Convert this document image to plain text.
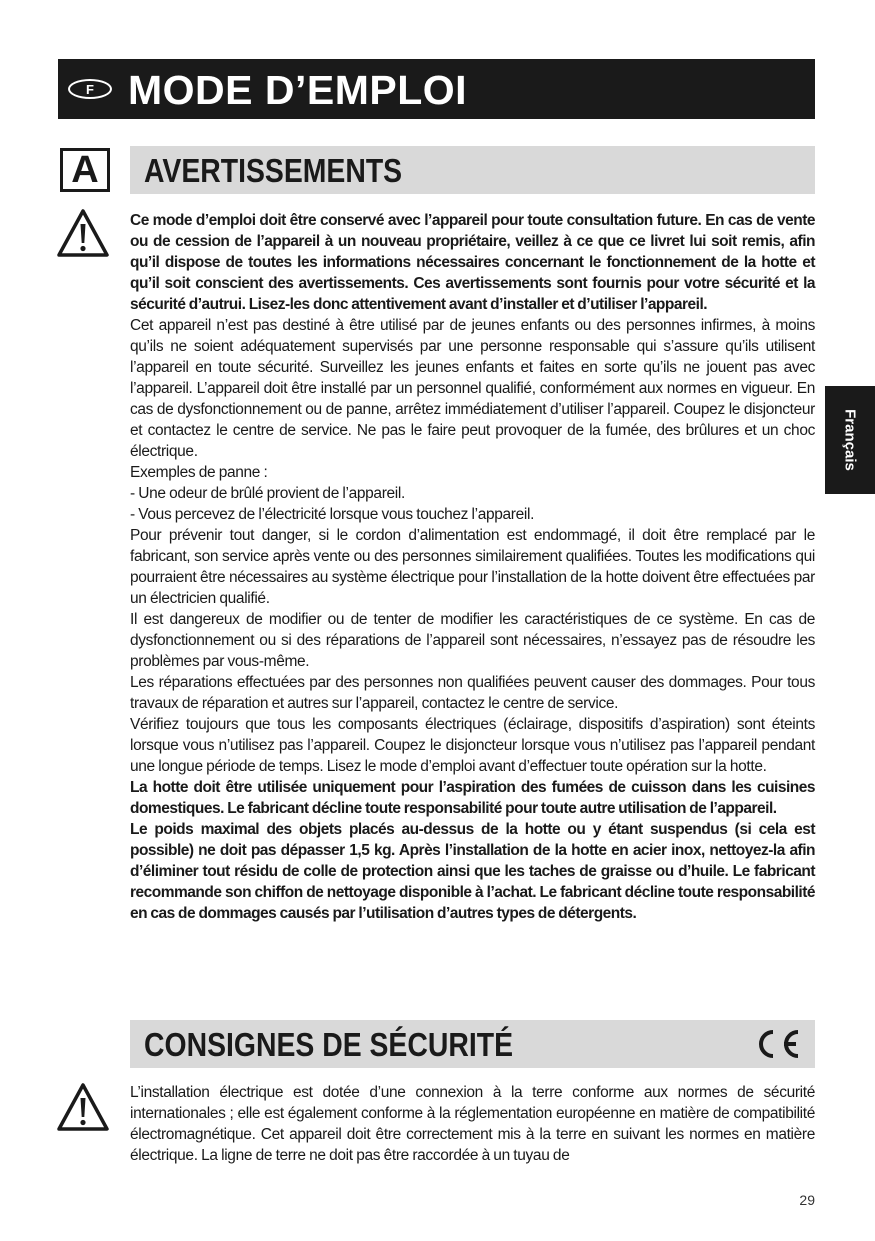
F MODE D’EMPLOI
Français
A	AVERTISSEMENTS

Ce mode d’emploi doit être conservé avec l’appareil pour toute consultation future. En cas de vente ou de cession de l’appareil à un nouveau propriétaire, veillez à ce que ce livret lui soit remis, afin qu’il dispose de toutes les informations nécessaires concernant le fonctionnement de la hotte et qu’il soit conscient des avertissements. Ces avertissements sont fournis pour votre sécurité et la sécurité d’autrui. Lisez-les donc attentivement avant d’installer et d’utiliser l’appareil.

Cet appareil n’est pas destiné à être utilisé par de jeunes enfants ou des personnes infirmes, à moins qu’ils ne soient adéquatement supervisés par une personne responsable qui s’assure qu’ils utilisent l’appareil en toute sécurité. Surveillez les jeunes enfants et faites en sorte qu’ils ne jouent pas avec l’appareil. L’appareil doit être installé par un personnel qualifié, conformément aux normes en vigueur. En cas de dysfonctionnement ou de panne, arrêtez immédiatement d’utiliser l’appareil. Coupez le disjoncteur et contactez le centre de service. Ne pas le faire peut provoquer de la fumée, des brûlures et un choc électrique.

Exemples de panne :

- Une odeur de brûlé provient de l’appareil.

- Vous percevez de l’électricité lorsque vous touchez l’appareil.

Pour prévenir tout danger, si le cordon d’alimentation est endommagé, il doit être remplacé par le fabricant, son service après vente ou des personnes similairement qualifiées. Toutes les modifications qui pourraient être nécessaires au système électrique pour l’installation de la hotte doivent être effectuées par un électricien qualifié.

Il est dangereux de modifier ou de tenter de modifier les caractéristiques de ce système. En cas de dysfonctionnement ou si des réparations de l’appareil sont nécessaires, n’essayez pas de résoudre les problèmes par vous-même.

Les réparations effectuées par des personnes non qualifiées peuvent causer des dommages. Pour tous travaux de réparation et autres sur l’appareil, contactez le centre de service.

Vérifiez toujours que tous les composants électriques (éclairage, dispositifs d’aspiration) sont éteints lorsque vous n’utilisez pas l’appareil. Coupez le disjoncteur lorsque vous n’utilisez pas l’appareil pendant une longue période de temps. Lisez le mode d’emploi avant d’effectuer toute opération sur la hotte.

La hotte doit être utilisée uniquement pour l’aspiration des fumées de cuisson dans les cuisines domestiques. Le fabricant décline toute responsabilité pour toute autre utilisation de l’appareil.

Le poids maximal des objets placés au-dessus de la hotte ou y étant suspendus (si cela est possible) ne doit pas dépasser 1,5 kg. Après l’installation de la hotte en acier inox, nettoyez-la afin d’éliminer tout résidu de colle de protection ainsi que les taches de graisse ou d’huile. Le fabricant recommande son chiffon de nettoyage disponible à l’achat. Le fabricant décline toute responsabilité en cas de dommages causés par l’utilisation d’autres types de détergents.

CONSIGNES DE SÉCURITÉ

L’installation électrique est dotée d’une connexion à la terre conforme aux normes de sécurité internationales ; elle est également conforme à la réglementation européenne en matière de compatibilité électromagnétique. Cet appareil doit être correctement mis à la terre en suivant les normes en matière électrique. La ligne de terre ne doit pas être raccordée à un tuyau de

29
